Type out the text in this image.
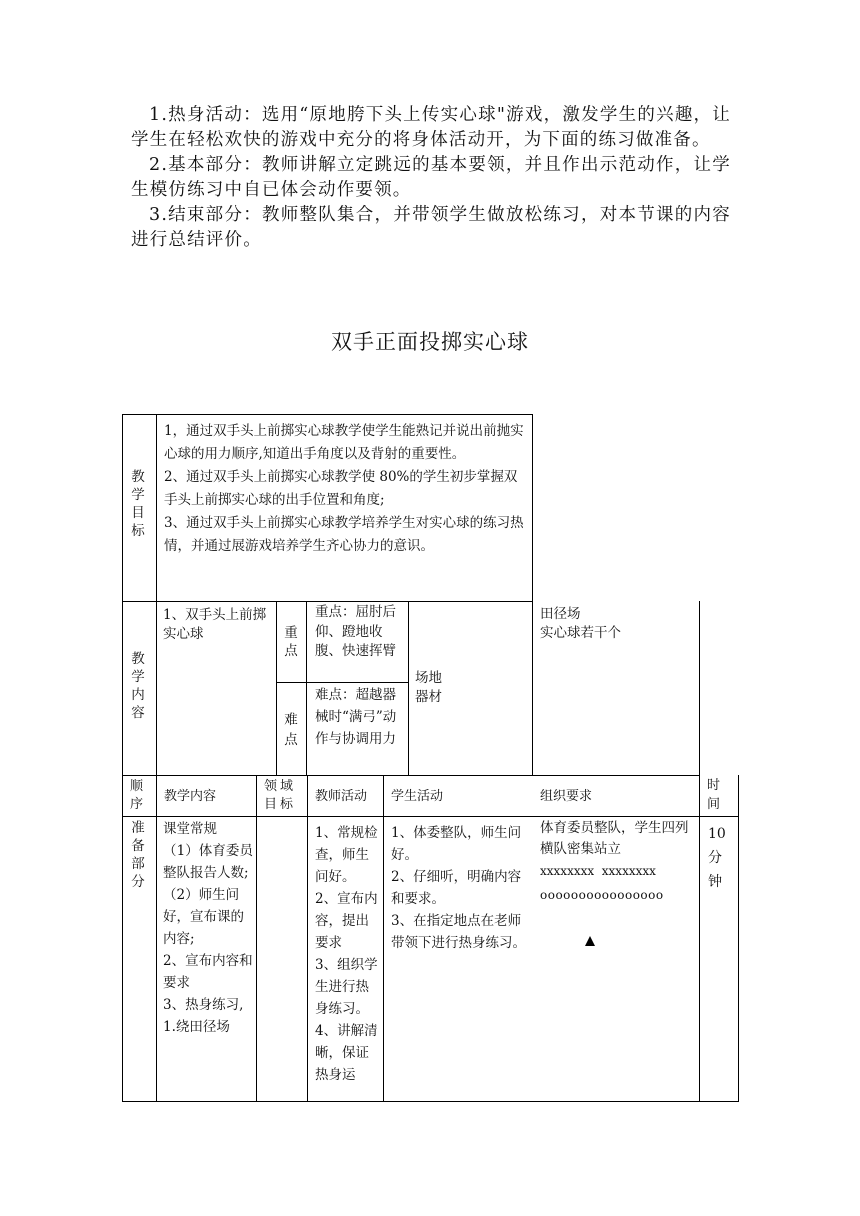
1.热身活动：选用“原地胯下头上传实心球"游戏，激发学生的兴趣，让学生在轻松欢快的游戏中充分的将身体活动开，为下面的练习做准备。

2.基本部分：教师讲解立定跳远的基本要领，并且作出示范动作，让学生模仿练习中自已体会动作要领。

3.结束部分：教师整队集合，并带领学生做放松练习，对本节课的内容进行总结评价。

双手正面投掷实心球
教学目标
1，通过双手头上前掷实心球教学使学生能熟记并说出前抛实心球的用力顺序,知道出手角度以及背射的重要性。
2、通过双手头上前掷实心球教学使 80%的学生初步掌握双手头上前掷实心球的出手位置和角度;
3、通过双手头上前掷实心球教学培养学生对实心球的练习热情，并通过展游戏培养学生齐心协力的意识。
教学内容
1、双手头上前掷实心球	重点
重点：屈肘后仰、蹬地收腹、快速挥臂
难点
难点：超越器械时“满弓”动作与协调用力
场地器材
田径场
实心球若干个
顺序
教学内容
领域目标
教师活动 学生活动	组织要求
时间
准备部分
课堂常规
（1）体育委员整队报告人数;
（2）师生问好，宣布课的内容;
2、宣布内容和要求
3、热身练习,
1.绕田径场
1、常规检查，师生问好。
2、宣布内容，提出要求
3、组织学生进行热身练习。
4、讲解清晰，保证热身运
1、体委整队，师生问好。
2、仔细听，明确内容和要求。
3、在指定地点在老师带领下进行热身练习。
体育委员整队，学生四列横队密集站立
xxxxxxxx  xxxxxxxx
oooooooooooooooo
10分钟
